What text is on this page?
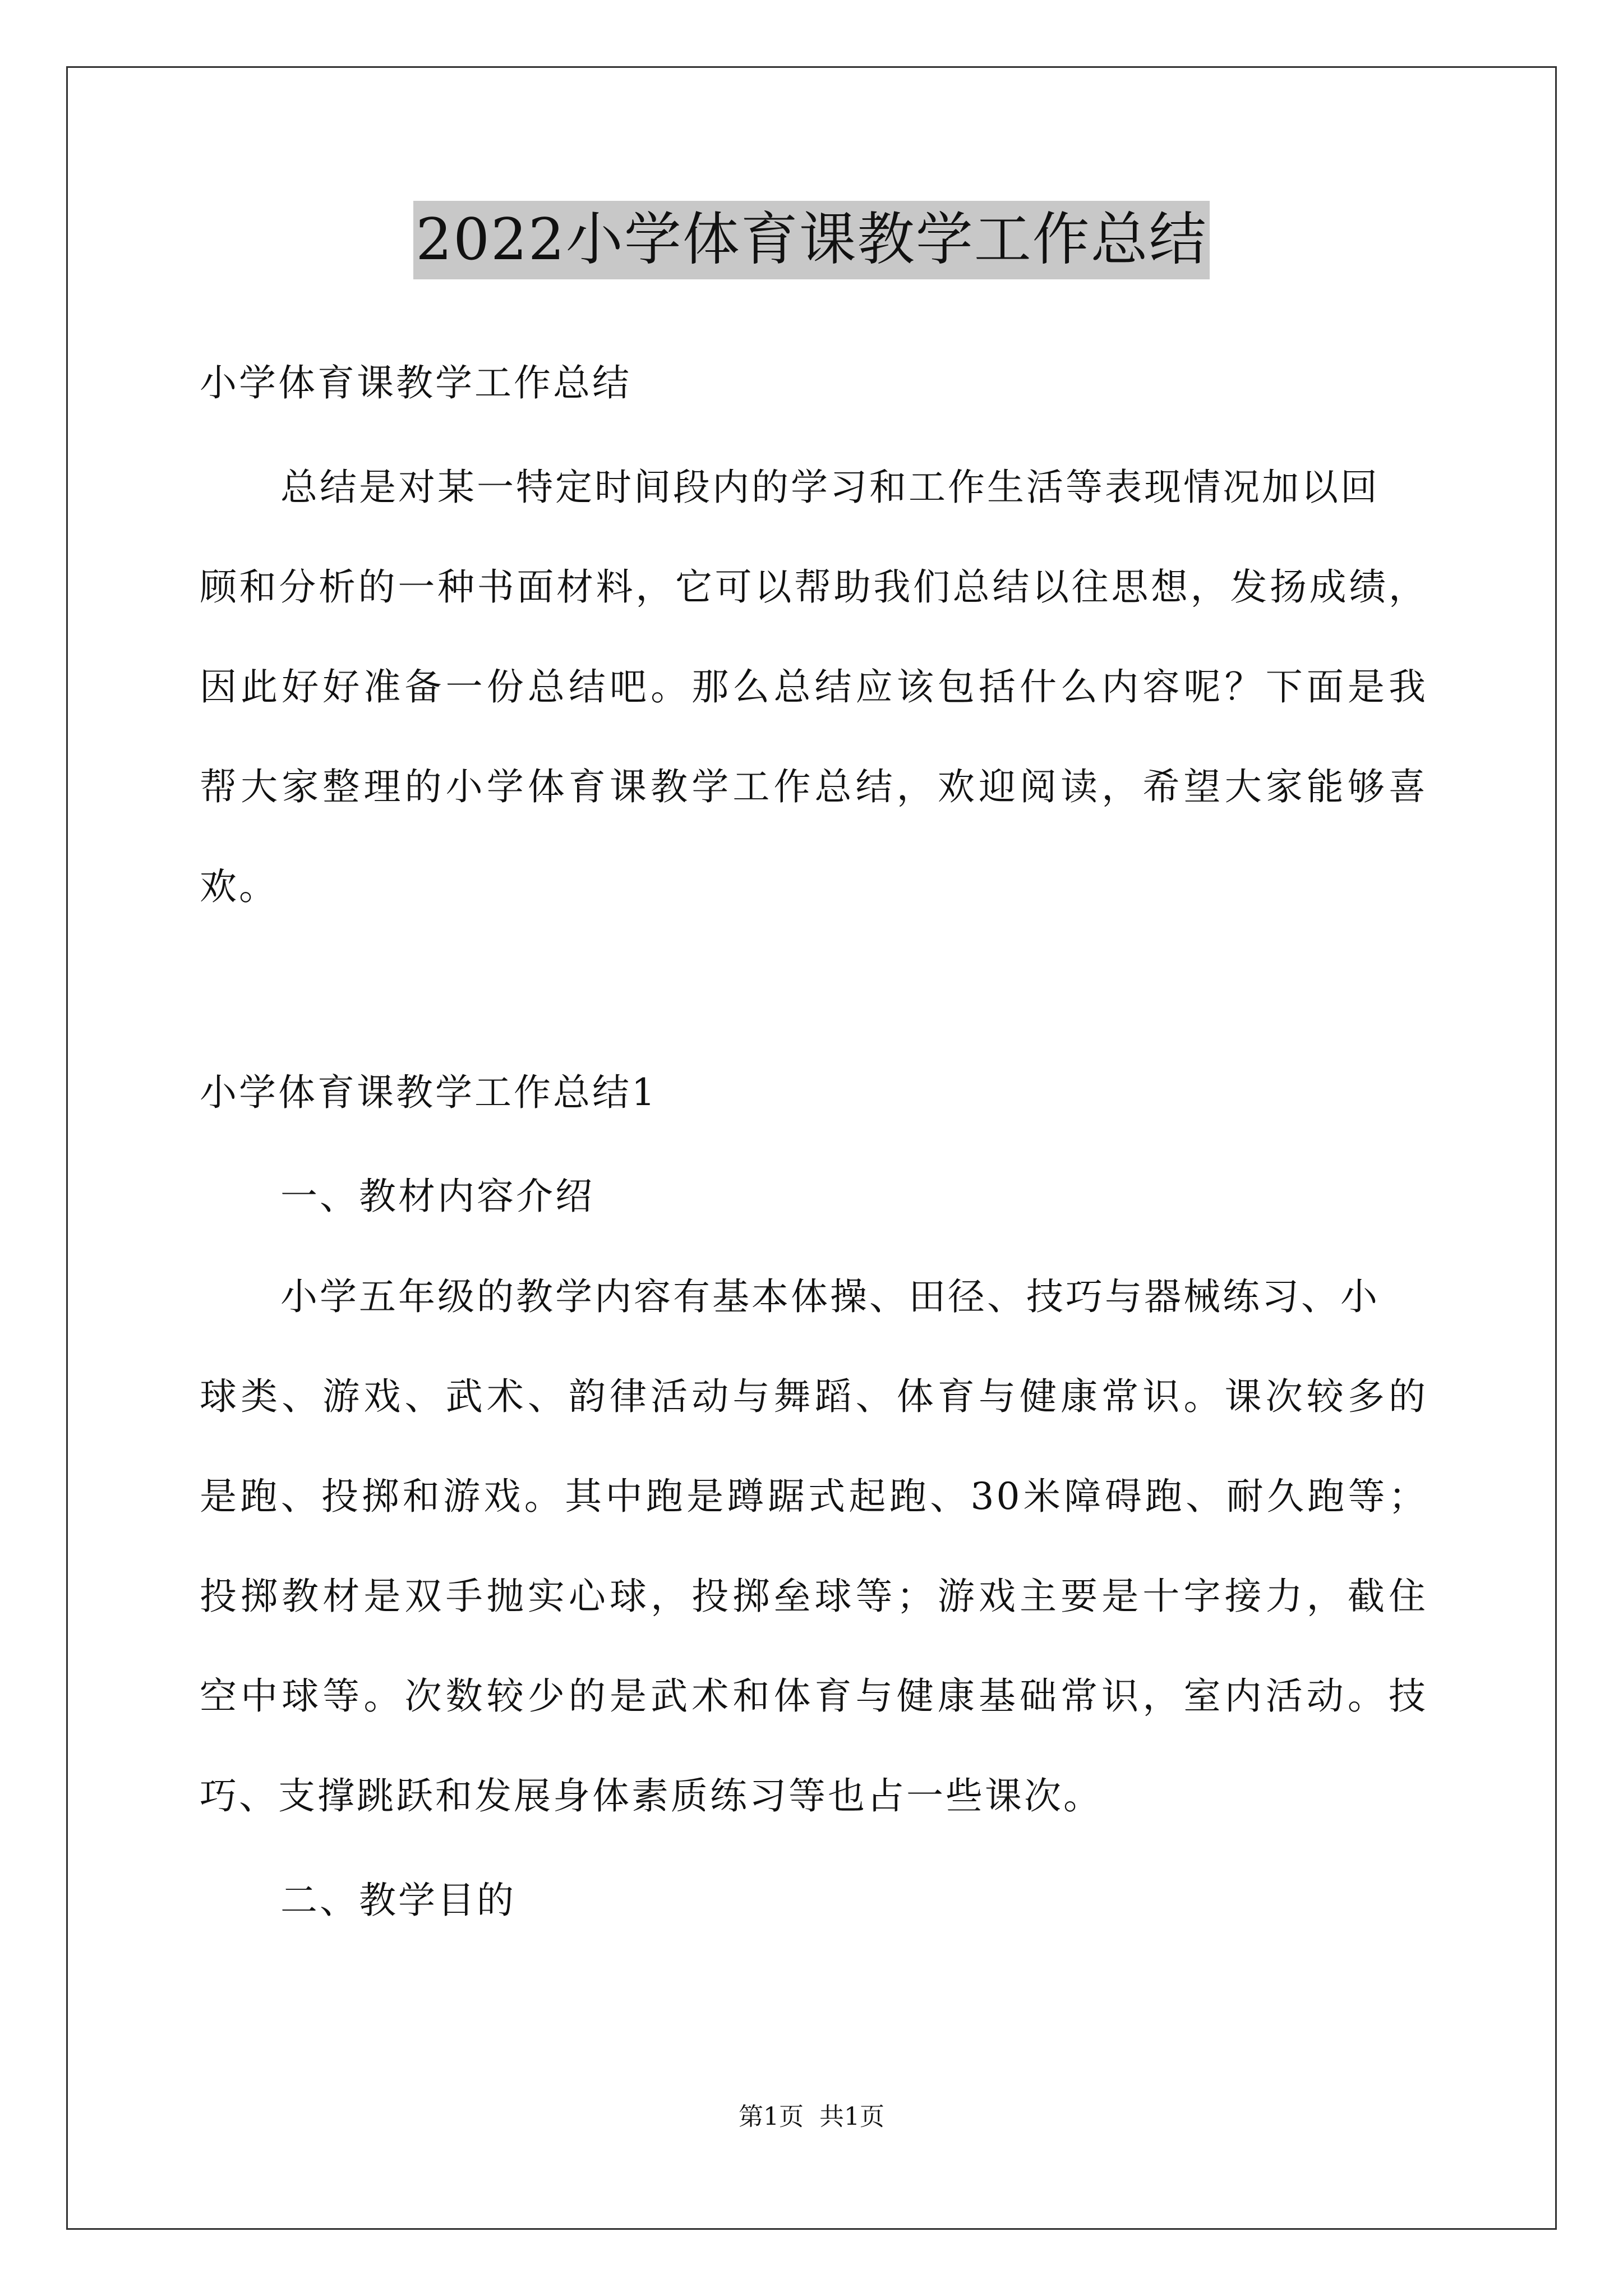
2022小学体育课教学工作总结
小学体育课教学工作总结
总结是对某一特定时间段内的学习和工作生活等表现情况加以回
顾和分析的一种书面材料，它可以帮助我们总结以往思想，发扬成绩，
因此好好准备一份总结吧。那么总结应该包括什么内容呢？下面是我
帮大家整理的小学体育课教学工作总结，欢迎阅读，希望大家能够喜
欢。
小学体育课教学工作总结1
一、教材内容介绍
小学五年级的教学内容有基本体操、田径、技巧与器械练习、小
球类、游戏、武术、韵律活动与舞蹈、体育与健康常识。课次较多的
是跑、投掷和游戏。其中跑是蹲踞式起跑、30米障碍跑、耐久跑等；
投掷教材是双手抛实心球，投掷垒球等；游戏主要是十字接力，截住
空中球等。次数较少的是武术和体育与健康基础常识，室内活动。技
巧、支撑跳跃和发展身体素质练习等也占一些课次。
二、教学目的
第1页 共1页
